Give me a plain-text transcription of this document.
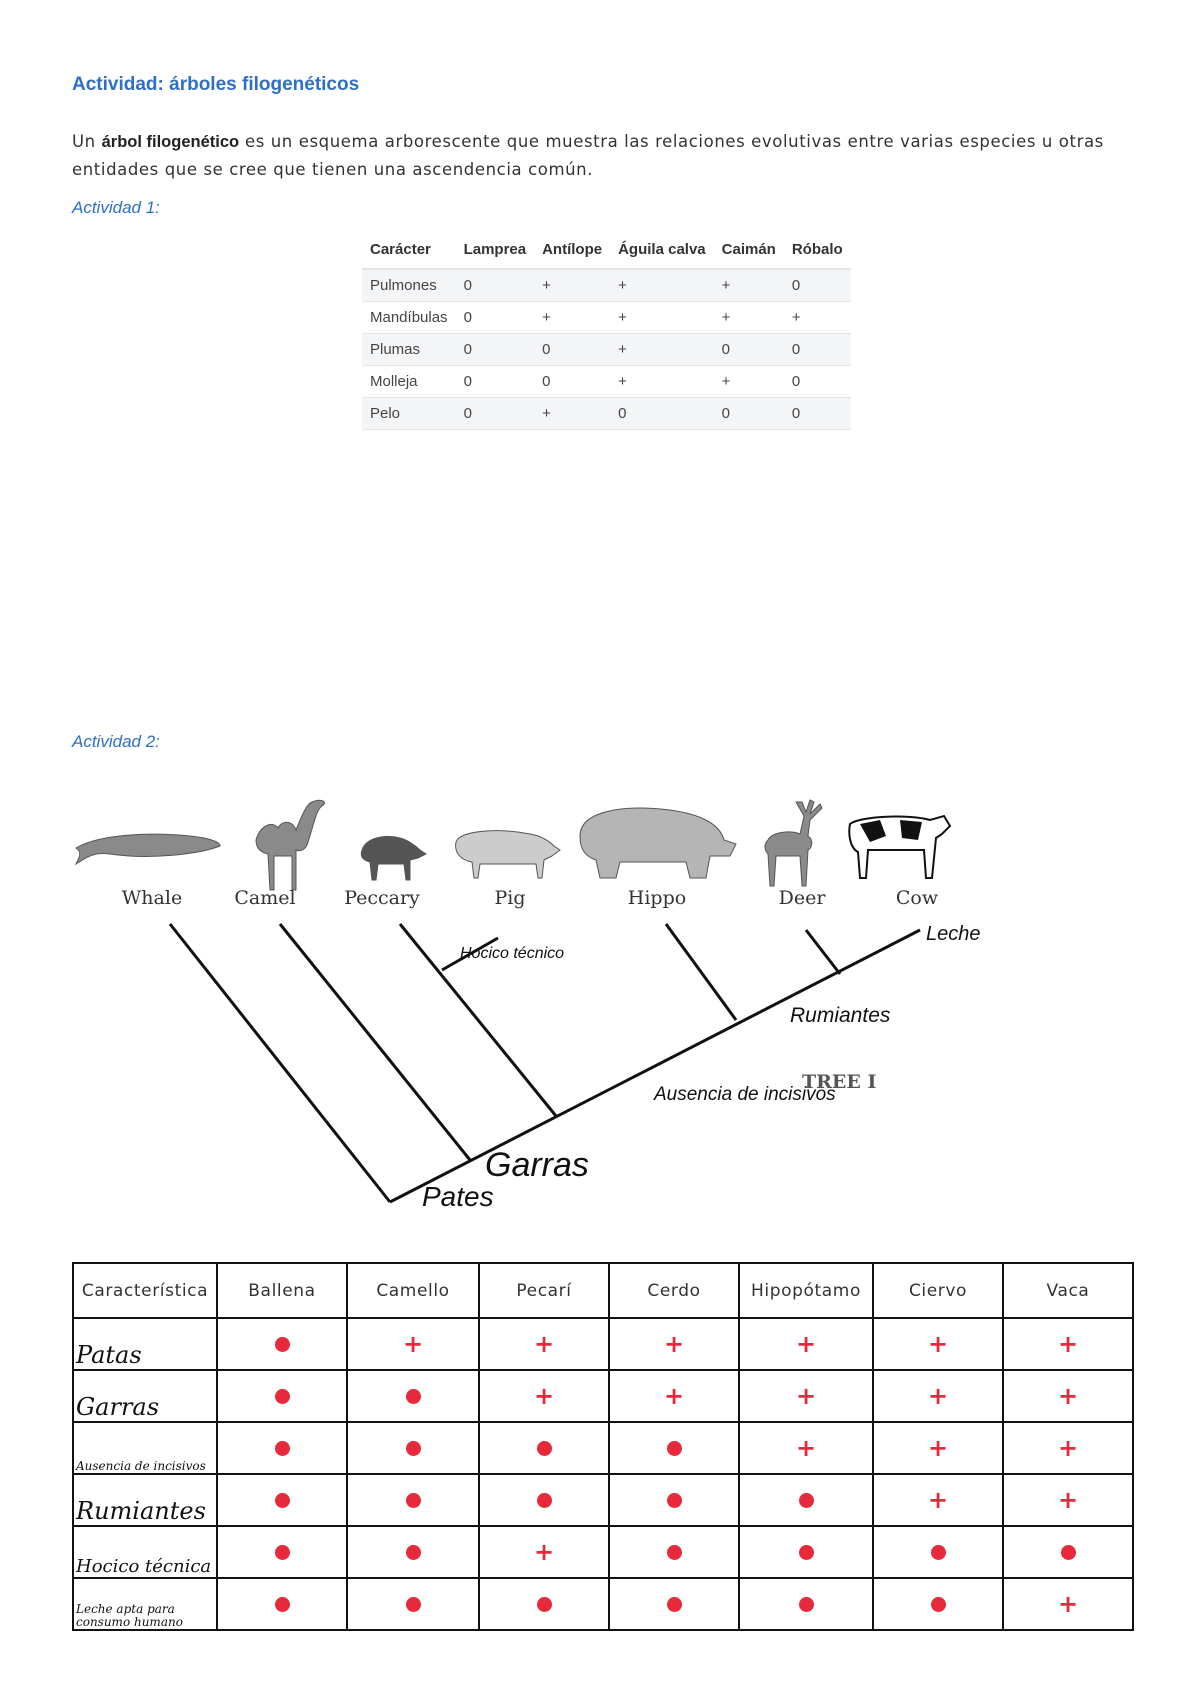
Actividad: árboles filogenéticos
Un árbol filogenético es un esquema arborescente que muestra las relaciones evolutivas entre varias especies u otras entidades que se cree que tienen una ascendencia común.
Actividad 1:
Carácter	Lamprea	Antílope	Águila calva	Caimán	Róbalo
Pulmones	0	+	+	+	0
Mandíbulas	0	+	+	+	+
Plumas	0	0	+	0	0
Molleja	0	0	+	+	0
Pelo	0	+	0	0	0
Actividad 2:
Whale	Camel	Peccary	Pig	Hippo	Deer	Cow
Hocico técnico
Leche
Rumiantes
Ausencia de incisivos
Garras
Pates
TREE I
Característica	Ballena	Camello	Pecarí	Cerdo	Hipopótamo	Ciervo	Vaca
Patas		+	+	+	+	+	+
Garras			+	+	+	+	+
Ausencia de incisivos					+	+	+
Rumiantes						+	+
Hocico técnica			+				
Leche apta para consumo humano							+
